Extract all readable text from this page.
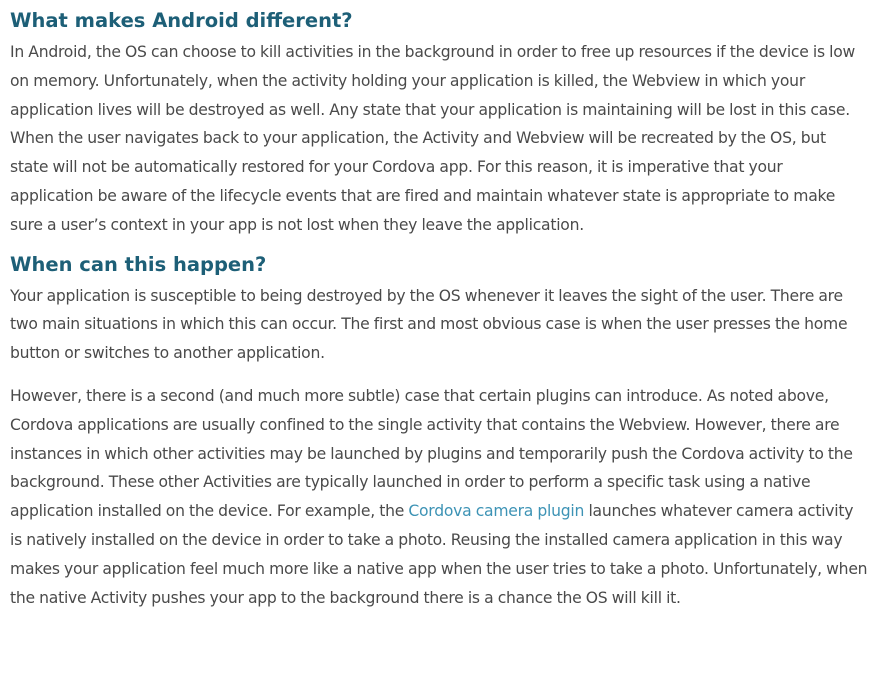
What makes Android different?

In Android, the OS can choose to kill activities in the background in order to free up resources if the device is low on memory. Unfortunately, when the activity holding your application is killed, the Webview in which your application lives will be destroyed as well. Any state that your application is maintaining will be lost in this case. When the user navigates back to your application, the Activity and Webview will be recreated by the OS, but state will not be automatically restored for your Cordova app. For this reason, it is imperative that your application be aware of the lifecycle events that are fired and maintain whatever state is appropriate to make sure a user’s context in your app is not lost when they leave the application.

When can this happen?

Your application is susceptible to being destroyed by the OS whenever it leaves the sight of the user. There are two main situations in which this can occur. The first and most obvious case is when the user presses the home button or switches to another application.

However, there is a second (and much more subtle) case that certain plugins can introduce. As noted above, Cordova applications are usually confined to the single activity that contains the Webview. However, there are instances in which other activities may be launched by plugins and temporarily push the Cordova activity to the background. These other Activities are typically launched in order to perform a specific task using a native application installed on the device. For example, the Cordova camera plugin launches whatever camera activity is natively installed on the device in order to take a photo. Reusing the installed camera application in this way makes your application feel much more like a native app when the user tries to take a photo. Unfortunately, when the native Activity pushes your app to the background there is a chance the OS will kill it.
